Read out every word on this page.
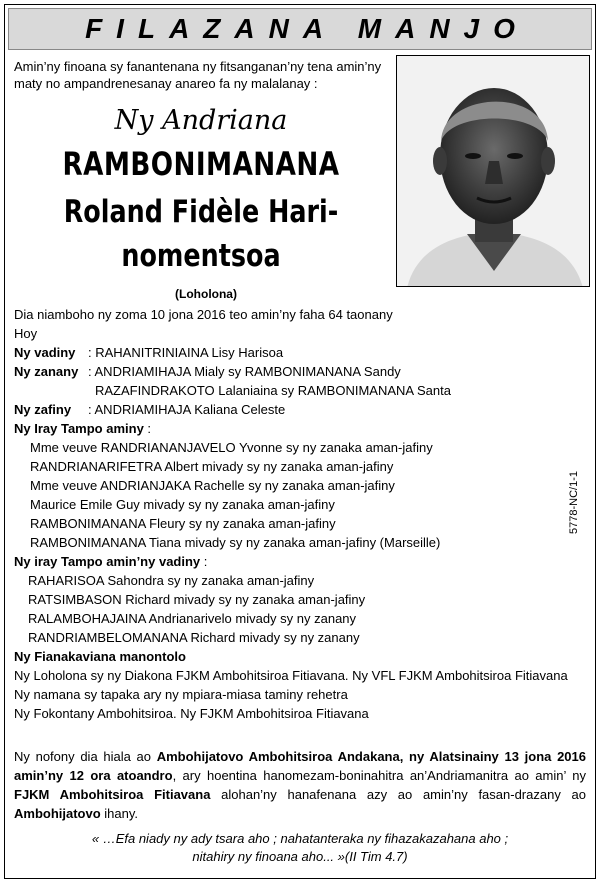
FILAZANA MANJO
Amin’ny finoana sy fanantenana ny fitsanganan’ny tena amin’ny
maty no ampandrenesanay anareo fa ny malalanay :
Ny Andriana
RAMBONIMANANA
Roland Fidèle Hari-
nomentsoa
(Loholona)
Dia niamboho ny zoma 10 jona 2016 teo amin’ny faha 64 taonany
Hoy
Ny vadiny : RAHANITRINIAINA Lisy Harisoa
Ny zanany : ANDRIAMIHAJA Mialy sy RAMBONIMANANA Sandy
RAZAFINDRAKOTO Lalaniaina sy RAMBONIMANANA Santa
Ny zafiny : ANDRIAMIHAJA Kaliana Celeste
Ny Iray Tampo aminy :
Mme veuve RANDRIANANJAVELO Yvonne sy ny zanaka aman-jafiny
RANDRIANARIFETRA Albert mivady sy ny zanaka aman-jafiny
Mme veuve ANDRIANJAKA Rachelle sy ny zanaka aman-jafiny
Maurice Emile Guy mivady sy ny zanaka aman-jafiny
RAMBONIMANANA Fleury sy ny zanaka aman-jafiny
RAMBONIMANANA Tiana mivady sy ny zanaka aman-jafiny (Marseille)
Ny iray Tampo amin’ny vadiny :
RAHARISOA Sahondra sy ny zanaka aman-jafiny
RATSIMBASON Richard mivady sy ny zanaka aman-jafiny
RALAMBOHAJAINA Andrianarivelo mivady sy ny zanany
RANDRIAMBELOMANANA Richard mivady sy ny zanany
Ny Fianakaviana manontolo
Ny Loholona sy ny Diakona FJKM Ambohitsiroa Fitiavana. Ny VFL FJKM Ambohitsiroa Fitiavana
Ny namana sy tapaka ary ny mpiara-miasa taminy rehetra
Ny Fokontany Ambohitsiroa. Ny FJKM Ambohitsiroa Fitiavana
5778-NC/1-1
Ny nofony dia hiala ao Ambohijatovo Ambohitsiroa Andakana, ny Alatsinainy 13 jona 2016 amin’ny 12 ora atoandro, ary hoentina hanomezam-boninahitra an’Andriamanitra ao amin’ ny FJKM Ambohitsiroa Fitiavana alohan’ny hanafenana azy ao amin’ny fasan-drazany ao Ambohijatovo ihany.
« …Efa niady ny ady tsara aho ; nahatanteraka ny fihazakazahana aho ;
nitahiry ny finoana aho... »(II Tim 4.7)
